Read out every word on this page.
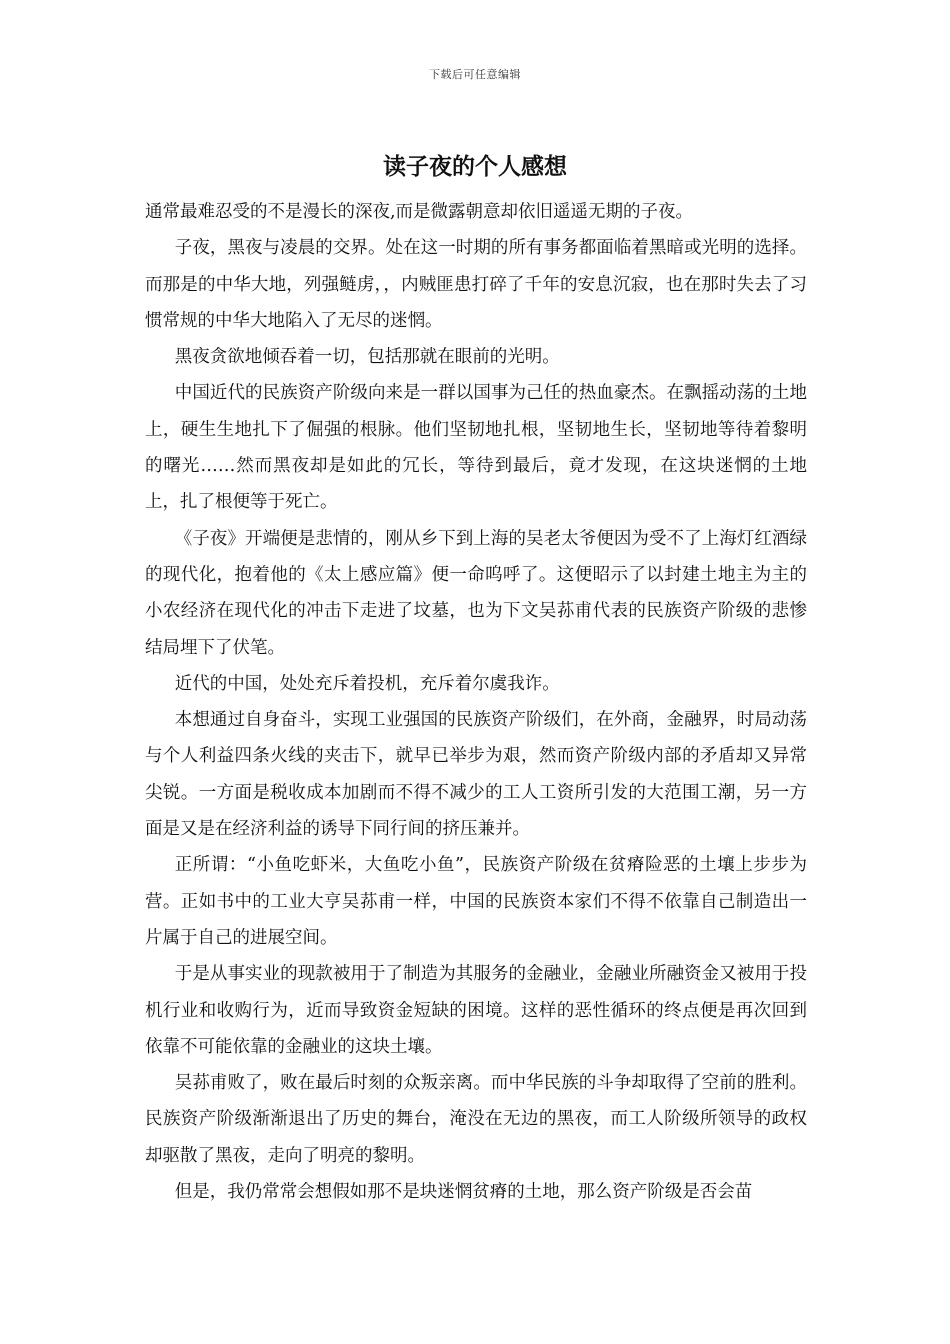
下载后可任意编辑
读子夜的个人感想

通常最难忍受的不是漫长的深夜,而是微露朝意却依旧遥遥无期的子夜。

子夜，黑夜与凌晨的交界。处在这一时期的所有事务都面临着黑暗或光明的选择。而那是的中华大地，列强鲢虏，，内贼匪患打碎了千年的安息沉寂，也在那时失去了习惯常规的中华大地陷入了无尽的迷惘。

黑夜贪欲地倾吞着一切，包括那就在眼前的光明。

中国近代的民族资产阶级向来是一群以国事为己任的热血豪杰。在飘摇动荡的土地上，硬生生地扎下了倔强的根脉。他们坚韧地扎根，坚韧地生长，坚韧地等待着黎明的曙光……然而黑夜却是如此的冗长，等待到最后，竟才发现，在这块迷惘的土地上，扎了根便等于死亡。

《子夜》开端便是悲情的，刚从乡下到上海的吴老太爷便因为受不了上海灯红酒绿的现代化，抱着他的《太上感应篇》便一命呜呼了。这便昭示了以封建土地主为主的小农经济在现代化的冲击下走进了坟墓，也为下文吴荪甫代表的民族资产阶级的悲惨结局埋下了伏笔。

近代的中国，处处充斥着投机，充斥着尔虞我诈。

本想通过自身奋斗，实现工业强国的民族资产阶级们，在外商，金融界，时局动荡与个人利益四条火线的夹击下，就早已举步为艰，然而资产阶级内部的矛盾却又异常尖锐。一方面是税收成本加剧而不得不减少的工人工资所引发的大范围工潮，另一方面是又是在经济利益的诱导下同行间的挤压兼并。

正所谓：“小鱼吃虾米，大鱼吃小鱼”，民族资产阶级在贫瘠险恶的土壤上步步为营。正如书中的工业大亨吴荪甫一样，中国的民族资本家们不得不依靠自己制造出一片属于自己的进展空间。

于是从事实业的现款被用于了制造为其服务的金融业，金融业所融资金又被用于投机行业和收购行为，近而导致资金短缺的困境。这样的恶性循环的终点便是再次回到依靠不可能依靠的金融业的这块土壤。

吴荪甫败了，败在最后时刻的众叛亲离。而中华民族的斗争却取得了空前的胜利。民族资产阶级渐渐退出了历史的舞台，淹没在无边的黑夜，而工人阶级所领导的政权却驱散了黑夜，走向了明亮的黎明。

但是，我仍常常会想假如那不是块迷惘贫瘠的土地，那么资产阶级是否会苗
